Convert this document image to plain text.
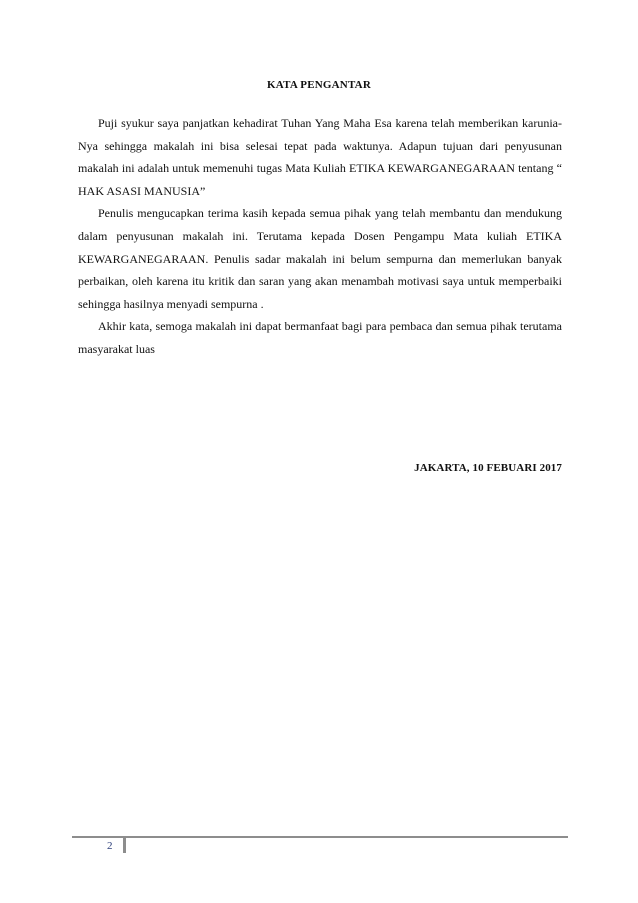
KATA PENGANTAR

Puji syukur saya panjatkan kehadirat Tuhan Yang Maha Esa karena telah memberikan karunia-Nya sehingga makalah ini bisa selesai tepat pada waktunya. Adapun tujuan dari penyusunan makalah ini adalah untuk memenuhi tugas Mata Kuliah ETIKA KEWARGANEGARAAN tentang “ HAK ASASI MANUSIA”

Penulis mengucapkan terima kasih kepada semua pihak yang telah membantu dan mendukung dalam penyusunan makalah ini. Terutama kepada Dosen Pengampu Mata kuliah ETIKA KEWARGANEGARAAN. Penulis sadar makalah ini belum sempurna dan memerlukan banyak perbaikan, oleh karena itu kritik dan saran yang akan menambah motivasi saya untuk memperbaiki sehingga hasilnya menyadi sempurna .

Akhir kata, semoga makalah ini dapat bermanfaat bagi para pembaca dan semua pihak terutama masyarakat luas

JAKARTA, 10 FEBUARI 2017
2
